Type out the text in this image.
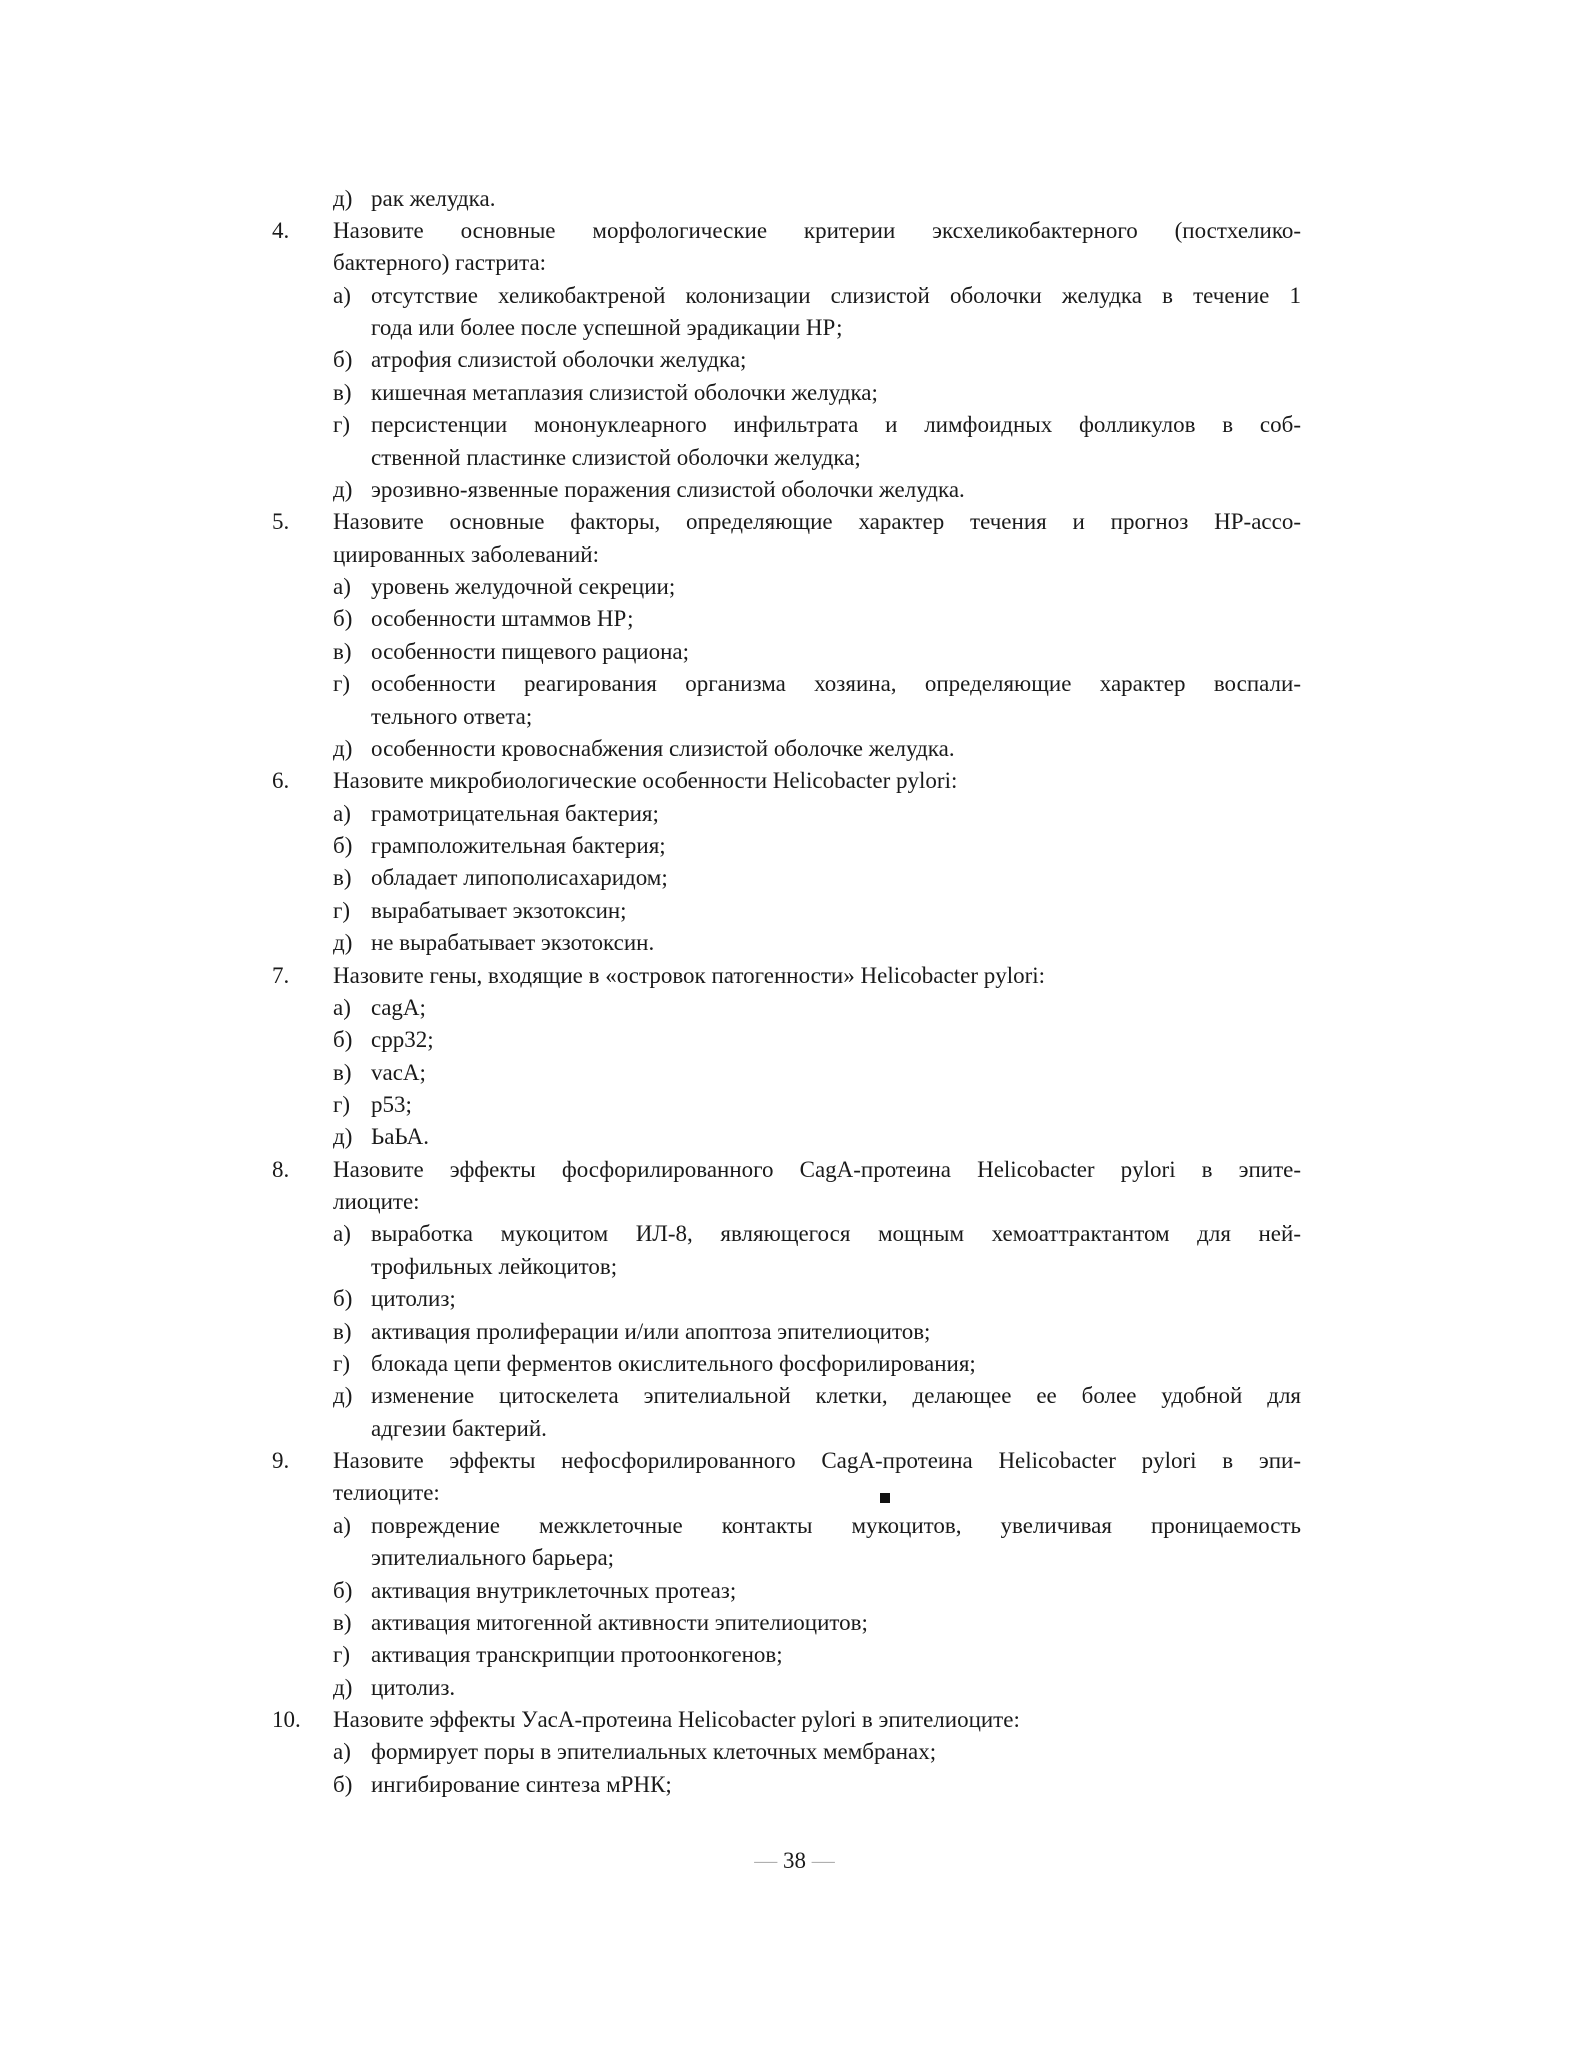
д) рак желудка.
4. Назовите основные морфологические критерии эксхеликобактерного (постхелико-
бактерного) гастрита:
а) отсутствие хеликобактреной колонизации слизистой оболочки желудка в течение 1
года или более после успешной эрадикации НР;
б) атрофия слизистой оболочки желудка;
в) кишечная метаплазия слизистой оболочки желудка;
г) персистенции мононуклеарного инфильтрата и лимфоидных фолликулов в соб-
ственной пластинке слизистой оболочки желудка;
д) эрозивно-язвенные поражения слизистой оболочки желудка.
5. Назовите основные факторы, определяющие характер течения и прогноз НР-ассо-
циированных заболеваний:
а) уровень желудочной секреции;
б) особенности штаммов НР;
в) особенности пищевого рациона;
г) особенности реагирования организма хозяина, определяющие характер воспали-
тельного ответа;
д) особенности кровоснабжения слизистой оболочке желудка.
6. Назовите микробиологические особенности Helicobacter pylori:
а) грамотрицательная бактерия;
б) грамположительная бактерия;
в) обладает липополисахаридом;
г) вырабатывает экзотоксин;
д) не вырабатывает экзотоксин.
7. Назовите гены, входящие в «островок патогенности» Helicobacter pylori:
а) cagA;
б) cpp32;
в) vacA;
г) p53;
д) ЬаЬА.
8. Назовите эффекты фосфорилированного CagA-протеина Helicobacter pylori в эпите-
лиоците:
а) выработка мукоцитом ИЛ-8, являющегося мощным хемоаттрактантом для ней-
трофильных лейкоцитов;
б) цитолиз;
в) активация пролиферации и/или апоптоза эпителиоцитов;
г) блокада цепи ферментов окислительного фосфорилирования;
д) изменение цитоскелета эпителиальной клетки, делающее ее более удобной для
адгезии бактерий.
9. Назовите эффекты нефосфорилированного CagA-протеина Helicobacter pylori в эпи-
телиоците:
а) повреждение межклеточные контакты мукоцитов, увеличивая проницаемость
эпителиального барьера;
б) активация внутриклеточных протеаз;
в) активация митогенной активности эпителиоцитов;
г) активация транскрипции протоонкогенов;
д) цитолиз.
10. Назовите эффекты УасА-протеина Helicobacter pylori в эпителиоците:
а) формирует поры в эпителиальных клеточных мембранах;
б) ингибирование синтеза мРНК;
— 38 —
